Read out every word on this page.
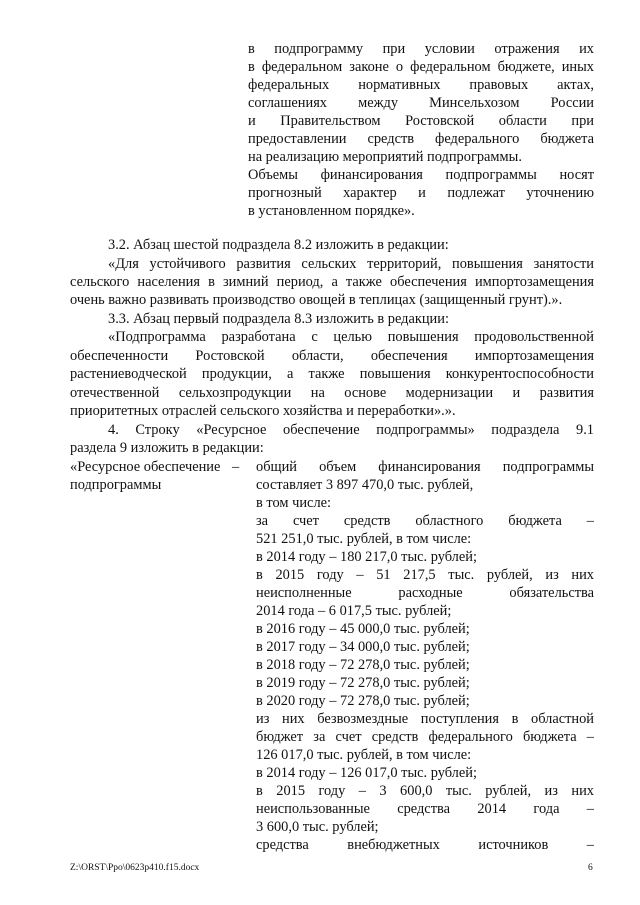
в подпрограмму при условии отражения их
в федеральном законе о федеральном бюджете, иных
федеральных нормативных правовых актах,
соглашениях между Минсельхозом России
и Правительством Ростовской области при
предоставлении средств федерального бюджета
на реализацию мероприятий подпрограммы.
Объемы финансирования подпрограммы носят
прогнозный характер и подлежат уточнению
в установленном порядке».
3.2. Абзац шестой подраздела 8.2 изложить в редакции:
«Для устойчивого развития сельских территорий, повышения занятости
сельского населения в зимний период, а также обеспечения импортозамещения
очень важно развивать производство овощей в теплицах (защищенный грунт).».
3.3. Абзац первый подраздела 8.3 изложить в редакции:
«Подпрограмма разработана с целью повышения продовольственной
обеспеченности Ростовской области, обеспечения импортозамещения
растениеводческой продукции, а также повышения конкурентоспособности
отечественной сельхозпродукции на основе модернизации и развития
приоритетных отраслей сельского хозяйства и переработки».».
4. Строку «Ресурсное обеспечение подпрограммы» подраздела 9.1
раздела 9 изложить в редакции:
«Ресурсное обеспечение
подпрограммы
– общий объем финансирования подпрограммы
составляет 3 897 470,0 тыс. рублей,
в том числе:
за счет средств областного бюджета –
521 251,0 тыс. рублей, в том числе:
в 2014 году – 180 217,0 тыс. рублей;
в 2015 году – 51 217,5 тыс. рублей, из них
неисполненные расходные обязательства
2014 года – 6 017,5 тыс. рублей;
в 2016 году – 45 000,0 тыс. рублей;
в 2017 году – 34 000,0 тыс. рублей;
в 2018 году – 72 278,0 тыс. рублей;
в 2019 году – 72 278,0 тыс. рублей;
в 2020 году – 72 278,0 тыс. рублей;
из них безвозмездные поступления в областной
бюджет за счет средств федерального бюджета –
126 017,0 тыс. рублей, в том числе:
в 2014 году – 126 017,0 тыс. рублей;
в 2015 году – 3 600,0 тыс. рублей, из них
неиспользованные средства 2014 года –
3 600,0 тыс. рублей;
средства внебюджетных источников –
Z:\ORST\Ppo\0623p410.f15.docx	6
